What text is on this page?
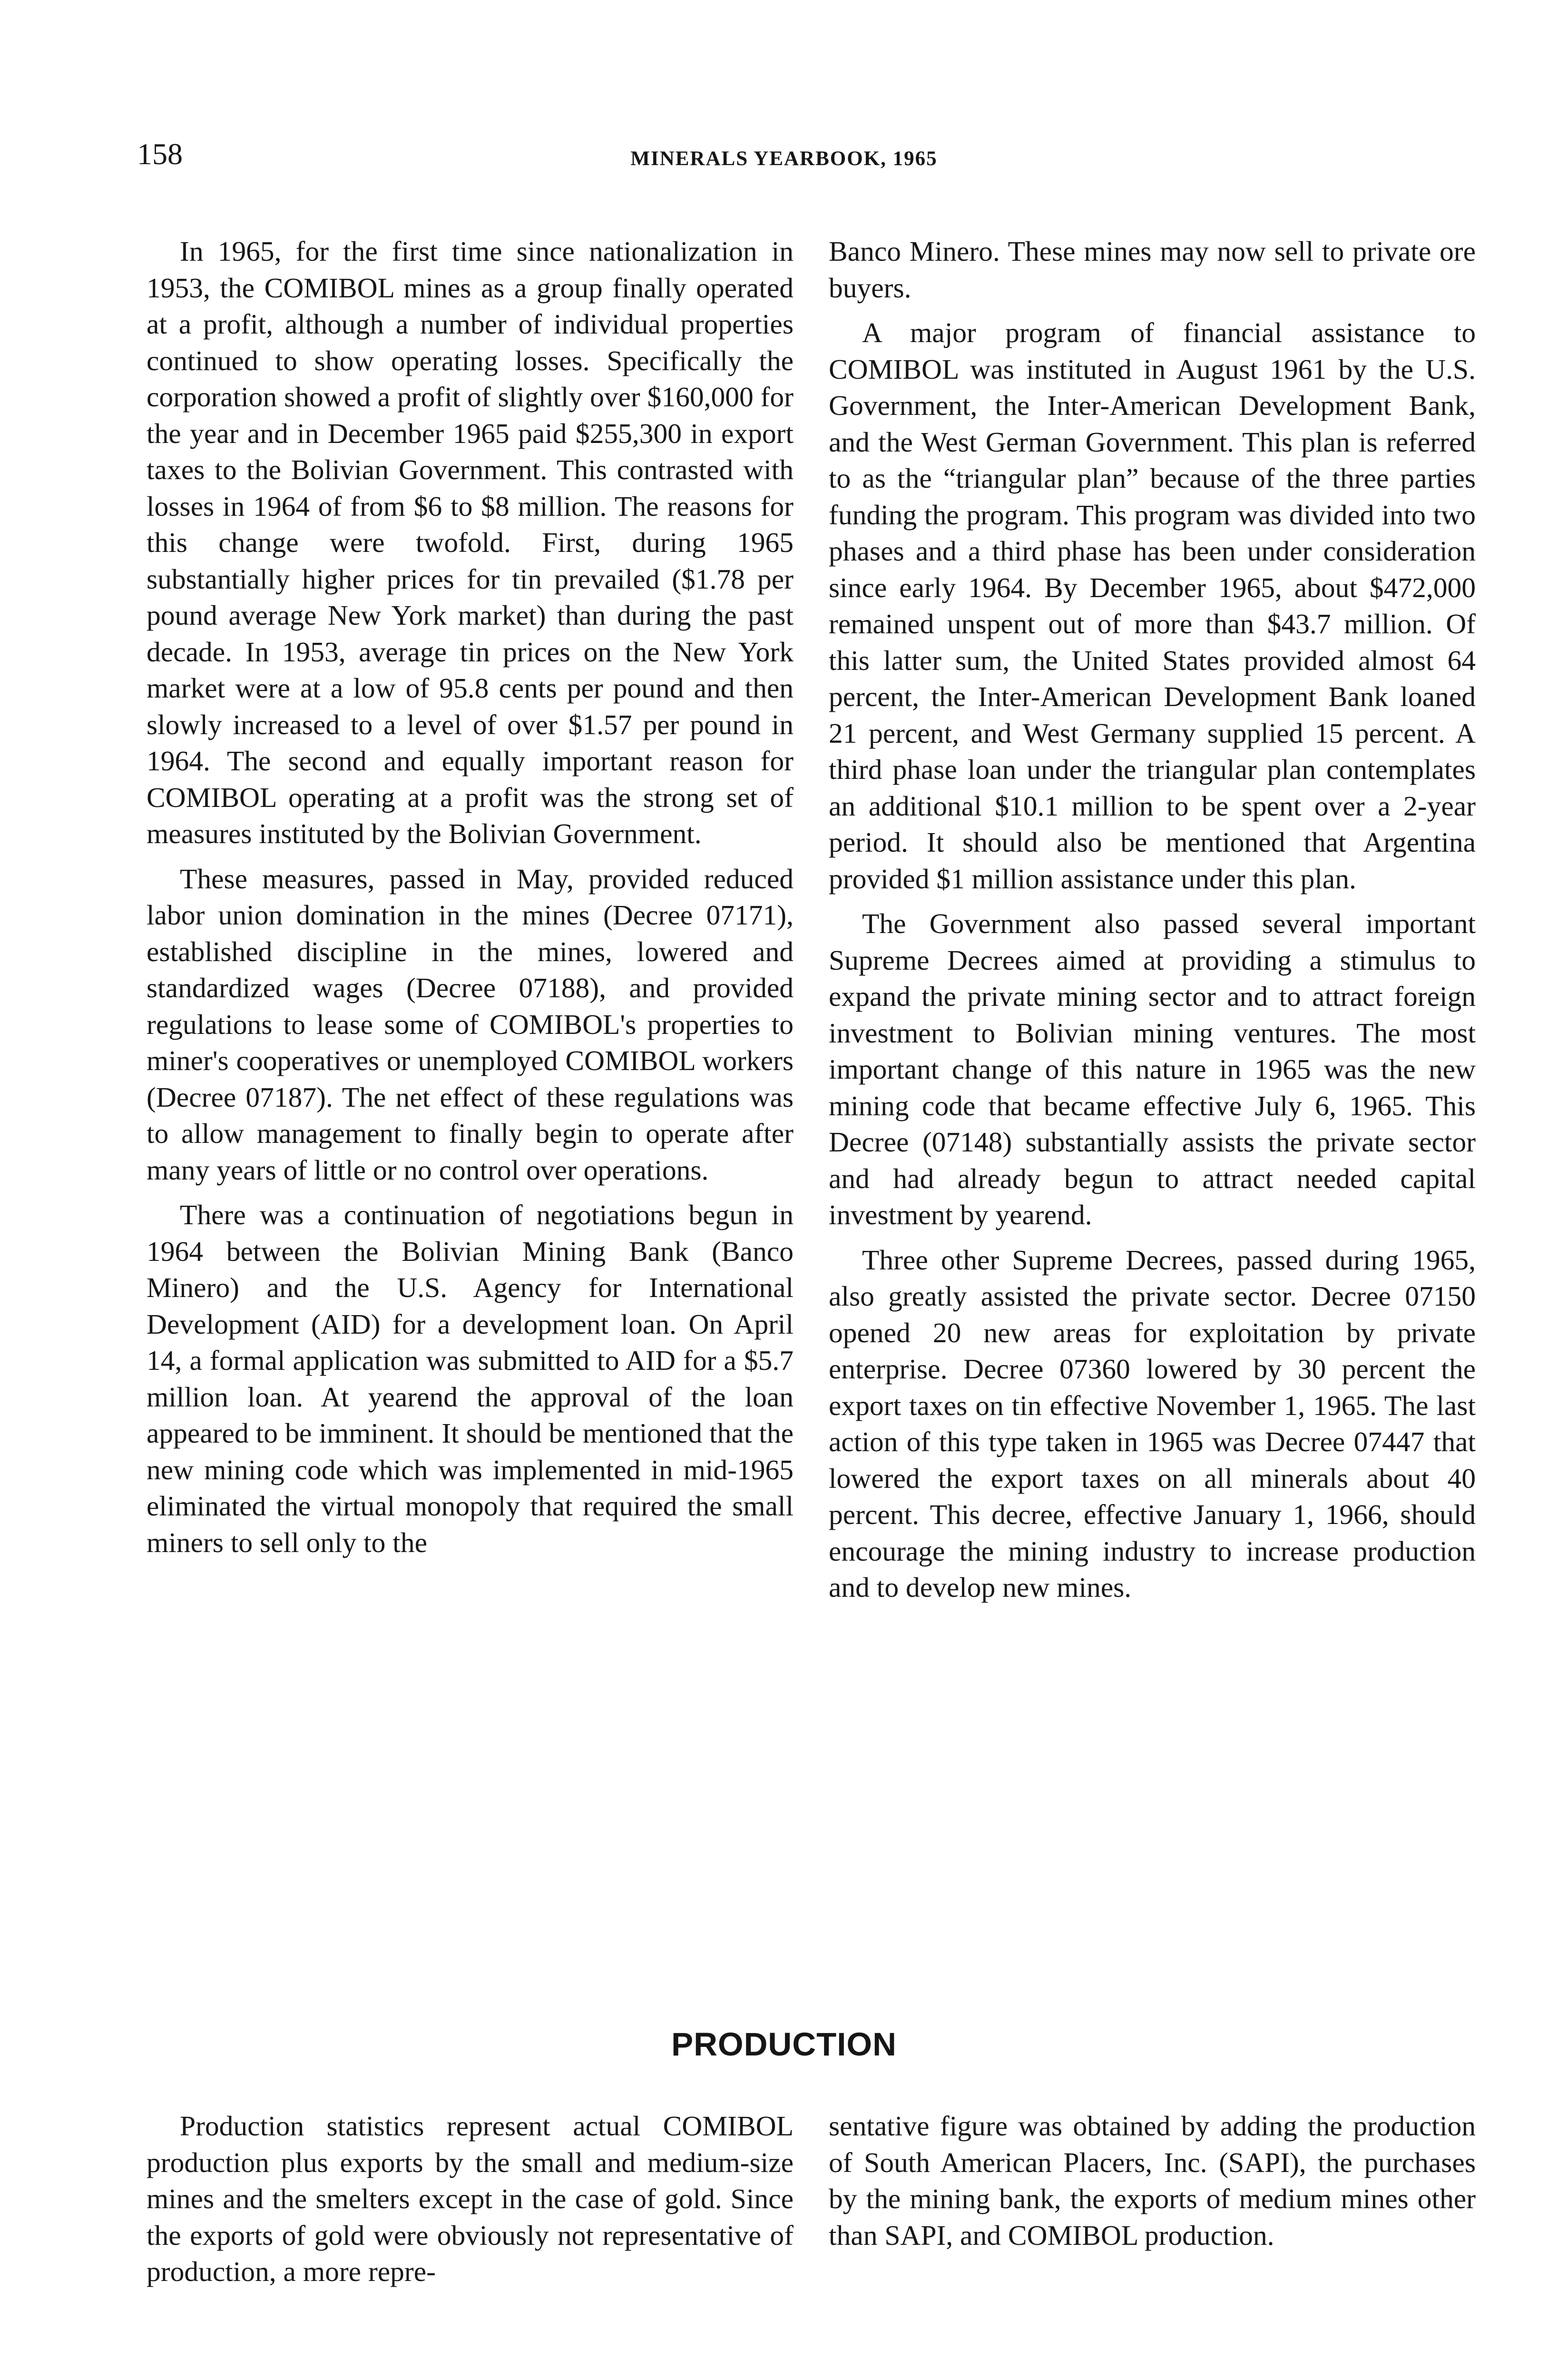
158	MINERALS YEARBOOK, 1965

In 1965, for the first time since nationalization in 1953, the COMIBOL mines as a group finally operated at a profit, although a number of individual properties continued to show operating losses. Specifically the corporation showed a profit of slightly over $160,000 for the year and in December 1965 paid $255,300 in export taxes to the Bolivian Government. This contrasted with losses in 1964 of from $6 to $8 million. The reasons for this change were twofold. First, during 1965 substantially higher prices for tin prevailed ($1.78 per pound average New York market) than during the past decade. In 1953, average tin prices on the New York market were at a low of 95.8 cents per pound and then slowly increased to a level of over $1.57 per pound in 1964. The second and equally important reason for COMIBOL operating at a profit was the strong set of measures instituted by the Bolivian Government.

These measures, passed in May, provided reduced labor union domination in the mines (Decree 07171), established discipline in the mines, lowered and standardized wages (Decree 07188), and provided regulations to lease some of COMIBOL's properties to miner's cooperatives or unemployed COMIBOL workers (Decree 07187). The net effect of these regulations was to allow management to finally begin to operate after many years of little or no control over operations.

There was a continuation of negotiations begun in 1964 between the Bolivian Mining Bank (Banco Minero) and the U.S. Agency for International Development (AID) for a development loan. On April 14, a formal application was submitted to AID for a $5.7 million loan. At yearend the approval of the loan appeared to be imminent. It should be mentioned that the new mining code which was implemented in mid-1965 eliminated the virtual monopoly that required the small miners to sell only to the

Banco Minero. These mines may now sell to private ore buyers.

A major program of financial assistance to COMIBOL was instituted in August 1961 by the U.S. Government, the Inter-American Development Bank, and the West German Government. This plan is referred to as the “triangular plan” because of the three parties funding the program. This program was divided into two phases and a third phase has been under consideration since early 1964. By December 1965, about $472,000 remained unspent out of more than $43.7 million. Of this latter sum, the United States provided almost 64 percent, the Inter-American Development Bank loaned 21 percent, and West Germany supplied 15 percent. A third phase loan under the triangular plan contemplates an additional $10.1 million to be spent over a 2-year period. It should also be mentioned that Argentina provided $1 million assistance under this plan.

The Government also passed several important Supreme Decrees aimed at providing a stimulus to expand the private mining sector and to attract foreign investment to Bolivian mining ventures. The most important change of this nature in 1965 was the new mining code that became effective July 6, 1965. This Decree (07148) substantially assists the private sector and had already begun to attract needed capital investment by yearend.

Three other Supreme Decrees, passed during 1965, also greatly assisted the private sector. Decree 07150 opened 20 new areas for exploitation by private enterprise. Decree 07360 lowered by 30 percent the export taxes on tin effective November 1, 1965. The last action of this type taken in 1965 was Decree 07447 that lowered the export taxes on all minerals about 40 percent. This decree, effective January 1, 1966, should encourage the mining industry to increase production and to develop new mines.

PRODUCTION

Production statistics represent actual COMIBOL production plus exports by the small and medium-size mines and the smelters except in the case of gold. Since the exports of gold were obviously not representative of production, a more repre-

sentative figure was obtained by adding the production of South American Placers, Inc. (SAPI), the purchases by the mining bank, the exports of medium mines other than SAPI, and COMIBOL production.
